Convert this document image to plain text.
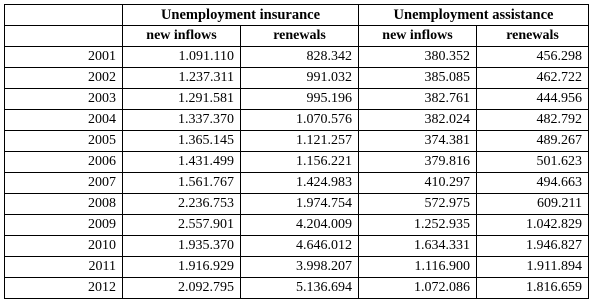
	Unemployment insurance		Unemployment assistance	
	new inflows	renewals	new inflows	renewals
2001	1.091.110	828.342	380.352	456.298
2002	1.237.311	991.032	385.085	462.722
2003	1.291.581	995.196	382.761	444.956
2004	1.337.370	1.070.576	382.024	482.792
2005	1.365.145	1.121.257	374.381	489.267
2006	1.431.499	1.156.221	379.816	501.623
2007	1.561.767	1.424.983	410.297	494.663
2008	2.236.753	1.974.754	572.975	609.211
2009	2.557.901	4.204.009	1.252.935	1.042.829
2010	1.935.370	4.646.012	1.634.331	1.946.827
2011	1.916.929	3.998.207	1.116.900	1.911.894
2012	2.092.795	5.136.694	1.072.086	1.816.659
